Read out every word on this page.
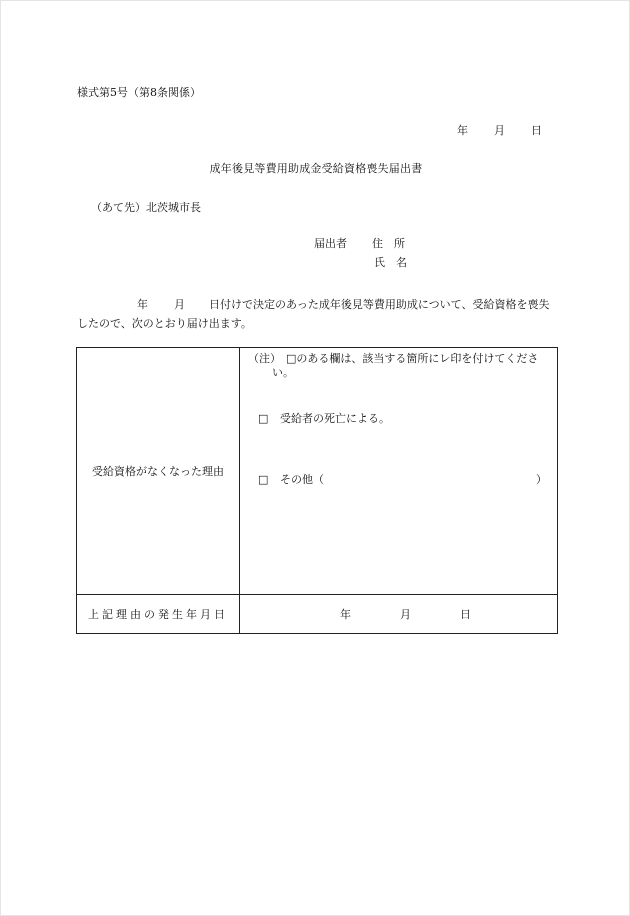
様式第5号（第8条関係）
年 月 日
成年後見等費用助成金受給資格喪失届出書
（あて先）北茨城市長
届出者 住　所
氏　名
年 月 日付けで決定のあった成年後見等費用助成について、受給資格を喪失したので、次のとおり届け出ます。
受給資格がなくなった理由	（注） □のある欄は、該当する箇所にレ印を付けてくださ
い。
□ 受給者の死亡による。
□ その他（ ）

上記理由の発生年月日	年 月 日
